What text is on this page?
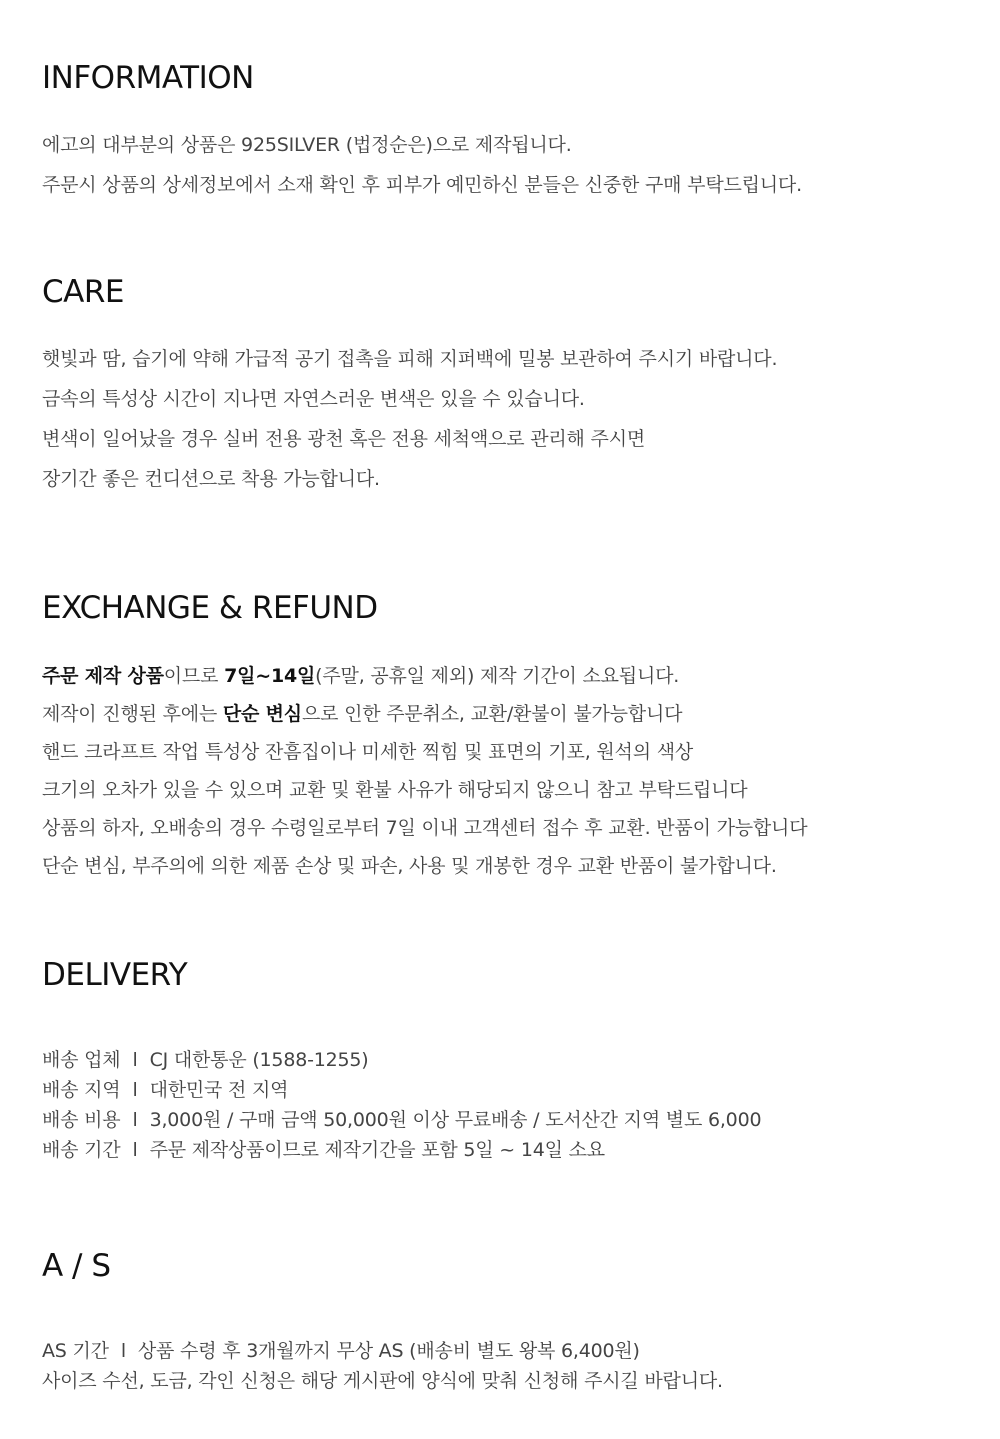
INFORMATION
에고의 대부분의 상품은 925SILVER (법정순은)으로 제작됩니다.
주문시 상품의 상세정보에서 소재 확인 후 피부가 예민하신 분들은 신중한 구매 부탁드립니다.
CARE
햇빛과 땀, 습기에 약해 가급적 공기 접촉을 피해 지퍼백에 밀봉 보관하여 주시기 바랍니다.
금속의 특성상 시간이 지나면 자연스러운 변색은 있을 수 있습니다.
변색이 일어났을 경우 실버 전용 광천 혹은 전용 세척액으로 관리해 주시면
장기간 좋은 컨디션으로 착용 가능합니다.
EXCHANGE & REFUND
주문 제작 상품이므로 7일~14일(주말, 공휴일 제외) 제작 기간이 소요됩니다.
제작이 진행된 후에는 단순 변심으로 인한 주문취소, 교환/환불이 불가능합니다
핸드 크라프트 작업 특성상 잔흠집이나 미세한 찍힘 및 표면의 기포, 원석의 색상
크기의 오차가 있을 수 있으며 교환 및 환불 사유가 해당되지 않으니 참고 부탁드립니다
상품의 하자, 오배송의 경우 수령일로부터 7일 이내 고객센터 접수 후 교환. 반품이 가능합니다
단순 변심, 부주의에 의한 제품 손상 및 파손, 사용 및 개봉한 경우 교환 반품이 불가합니다.
DELIVERY
배송 업체 l CJ 대한통운 (1588-1255)
배송 지역 l 대한민국 전 지역
배송 비용 l 3,000원 / 구매 금액 50,000원 이상 무료배송 / 도서산간 지역 별도 6,000
배송 기간 l 주문 제작상품이므로 제작기간을 포함 5일 ~ 14일 소요
A / S
AS 기간 l 상품 수령 후 3개월까지 무상 AS (배송비 별도 왕복 6,400원)
사이즈 수선, 도금, 각인 신청은 해당 게시판에 양식에 맞춰 신청해 주시길 바랍니다.
